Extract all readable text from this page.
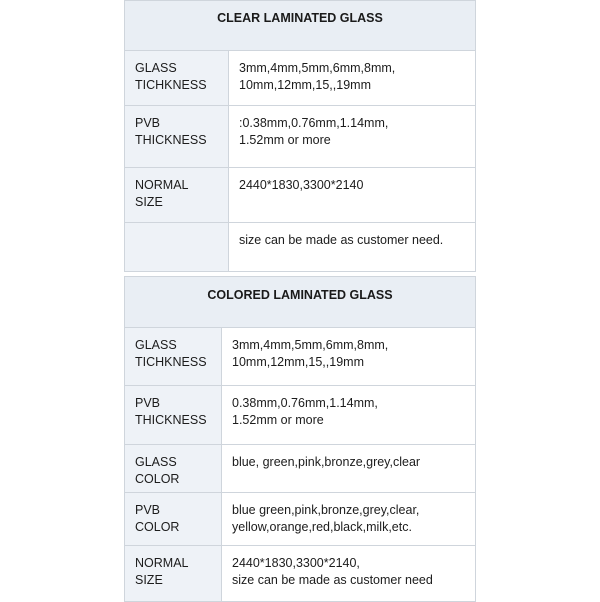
CLEAR LAMINATED GLASS	

GLASS
TICHKNESS	3mm,4mm,5mm,6mm,8mm,
10mm,12mm,15,,19mm

PVB
THICKNESS	:0.38mm,0.76mm,1.14mm,
1.52mm or more

NORMAL
SIZE	2440*1830,3300*2140

	size can be made as customer need.
COLORED LAMINATED GLASS	

GLASS
TICHKNESS	3mm,4mm,5mm,6mm,8mm,
10mm,12mm,15,,19mm

PVB
THICKNESS	0.38mm,0.76mm,1.14mm,
1.52mm or more

GLASS
COLOR	blue, green,pink,bronze,grey,clear

PVB
COLOR	blue green,pink,bronze,grey,clear,
yellow,orange,red,black,milk,etc.

NORMAL
SIZE	2440*1830,3300*2140,
size can be made as customer need
